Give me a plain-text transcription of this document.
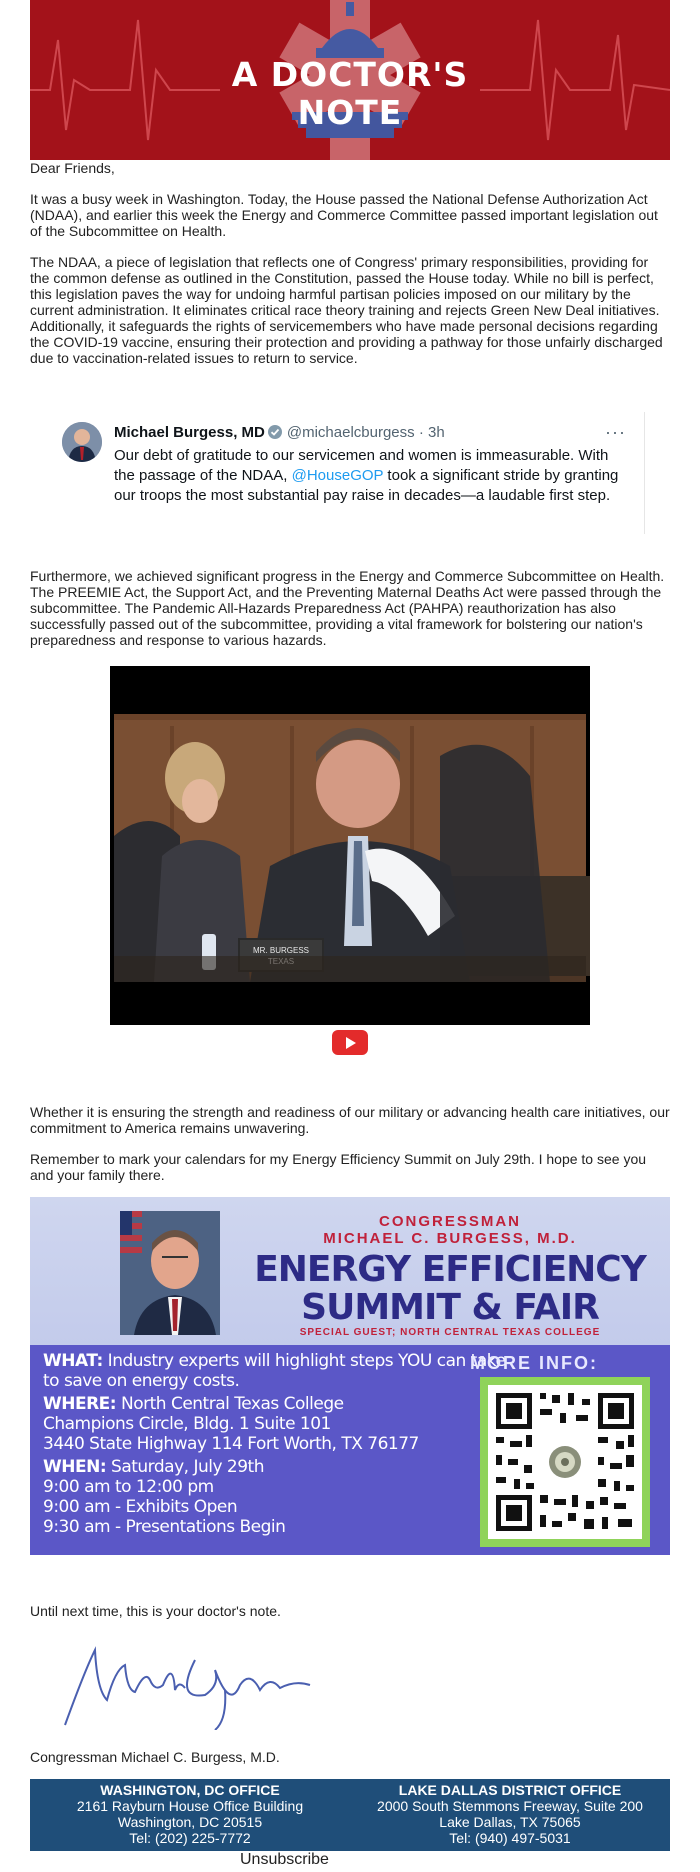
A DOCTOR'S
NOTE
Dear Friends,
It was a busy week in Washington. Today, the House passed the National Defense Authorization Act (NDAA), and earlier this week the Energy and Commerce Committee passed important legislation out of the Subcommittee on Health.
The NDAA, a piece of legislation that reflects one of Congress' primary responsibilities, providing for the common defense as outlined in the Constitution, passed the House today. While no bill is perfect, this legislation paves the way for undoing harmful partisan policies imposed on our military by the current administration. It eliminates critical race theory training and rejects Green New Deal initiatives. Additionally, it safeguards the rights of servicemembers who have made personal decisions regarding the COVID-19 vaccine, ensuring their protection and providing a pathway for those unfairly discharged due to vaccination-related issues to return to service.
Michael Burgess, MD @michaelcburgess · 3h	···
Our debt of gratitude to our servicemen and women is immeasurable. With the passage of the NDAA, @HouseGOP took a significant stride by granting our troops the most substantial pay raise in decades—a laudable first step.
Furthermore, we achieved significant progress in the Energy and Commerce Subcommittee on Health. The PREEMIE Act, the Support Act, and the Preventing Maternal Deaths Act were passed through the subcommittee. The Pandemic All-Hazards Preparedness Act (PAHPA) reauthorization has also successfully passed out of the subcommittee, providing a vital framework for bolstering our nation's preparedness and response to various hazards.
MR. BURGESS
Whether it is ensuring the strength and readiness of our military or advancing health care initiatives, our commitment to America remains unwavering.
Remember to mark your calendars for my Energy Efficiency Summit on July 29th. I hope to see you and your family there.
CONGRESSMAN
MICHAEL C. BURGESS, M.D.
ENERGY EFFICIENCY
SUMMIT & FAIR
SPECIAL GUEST; NORTH CENTRAL TEXAS COLLEGE
WHAT: Industry experts will highlight steps YOU can take
to save on energy costs.
WHERE: North Central Texas College
Champions Circle, Bldg. 1 Suite 101
3440 State Highway 114 Fort Worth, TX 76177
WHEN: Saturday, July 29th
9:00 am to 12:00 pm
9:00 am - Exhibits Open
9:30 am - Presentations Begin
MORE INFO:
Until next time, this is your doctor's note.
Congressman Michael C. Burgess, M.D.
WASHINGTON, DC OFFICE
2161 Rayburn House Office Building
Washington, DC 20515
Tel: (202) 225-7772
LAKE DALLAS DISTRICT OFFICE
2000 South Stemmons Freeway, Suite 200
Lake Dallas, TX 75065
Tel: (940) 497-5031
Unsubscribe
